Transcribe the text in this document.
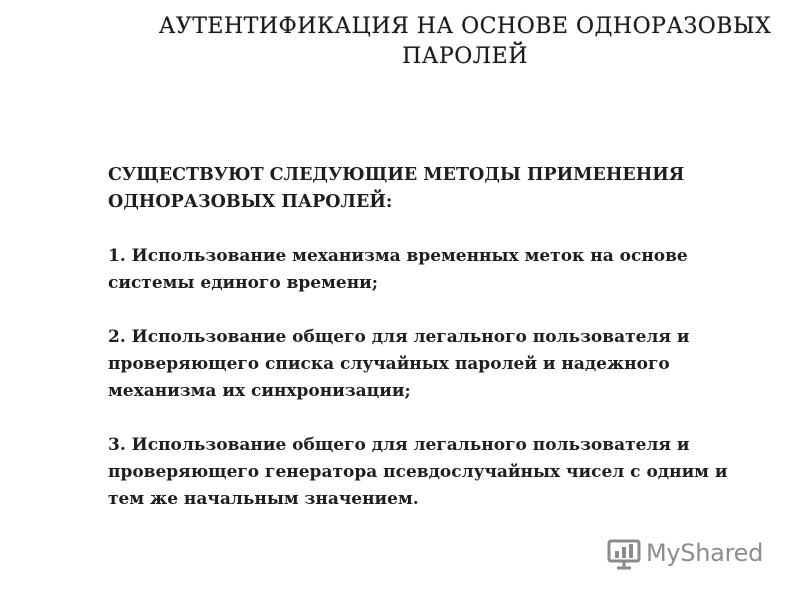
АУТЕНТИФИКАЦИЯ НА ОСНОВЕ ОДНОРАЗОВЫХ
ПАРОЛЕЙ
СУЩЕСТВУЮТ СЛЕДУЮЩИЕ МЕТОДЫ ПРИМЕНЕНИЯ
ОДНОРАЗОВЫХ ПАРОЛЕЙ:
1. Использование механизма временных меток на основе
системы единого времени;
2. Использование общего для легального пользователя и
проверяющего списка случайных паролей и надежного
механизма их синхронизации;
3. Использование общего для легального пользователя и
проверяющего генератора псевдослучайных чисел с одним и
тем же начальным значением.
MyShared
